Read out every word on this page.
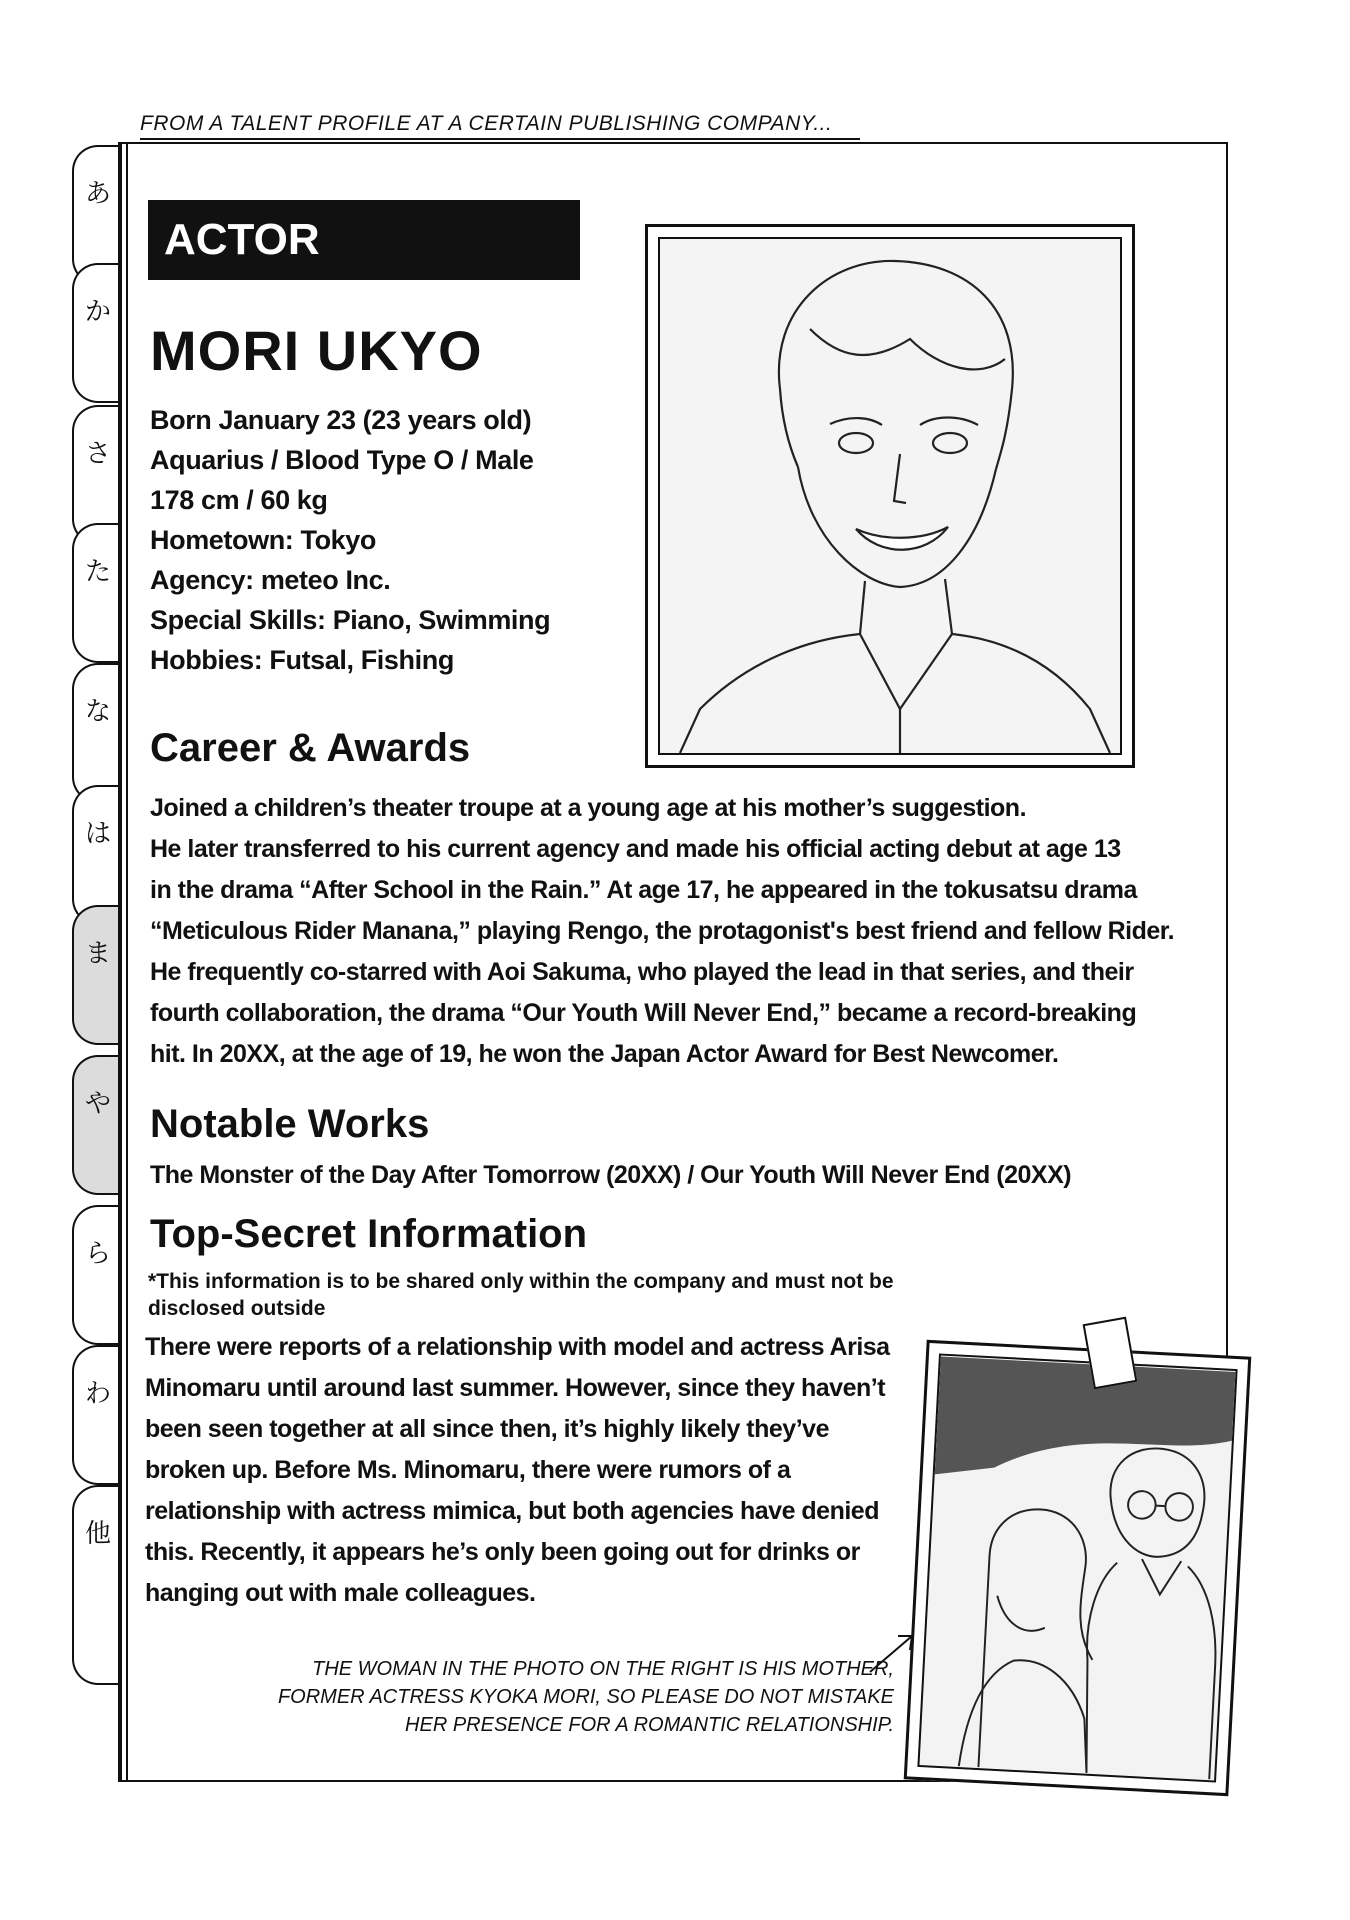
FROM A TALENT PROFILE AT A CERTAIN PUBLISHING COMPANY...
あ
か
さ
た
な
は
ま
や
ら
わ
他
ACTOR
MORI UKYO
Born January 23 (23 years old)
Aquarius / Blood Type O / Male
178 cm / 60 kg
Hometown: Tokyo
Agency: meteo Inc.
Special Skills: Piano, Swimming
Hobbies: Futsal, Fishing
Career & Awards
Joined a children’s theater troupe at a young age at his mother’s suggestion.
He later transferred to his current agency and made his official acting debut at age 13
in the drama “After School in the Rain.” At age 17, he appeared in the tokusatsu drama
“Meticulous Rider Manana,” playing Rengo, the protagonist's best friend and fellow Rider.
He frequently co-starred with Aoi Sakuma, who played the lead in that series, and their
fourth collaboration, the drama “Our Youth Will Never End,” became a record-breaking
hit. In 20XX, at the age of 19, he won the Japan Actor Award for Best Newcomer.
Notable Works
The Monster of the Day After Tomorrow (20XX) / Our Youth Will Never End (20XX)
Top-Secret Information
*This information is to be shared only within the company and must not be
disclosed outside
There were reports of a relationship with model and actress Arisa
Minomaru until around last summer. However, since they haven’t
been seen together at all since then, it’s highly likely they’ve
broken up. Before Ms. Minomaru, there were rumors of a
relationship with actress mimica, but both agencies have denied
this. Recently, it appears he’s only been going out for drinks or
hanging out with male colleagues.
THE WOMAN IN THE PHOTO ON THE RIGHT IS HIS MOTHER,
FORMER ACTRESS KYOKA MORI, SO PLEASE DO NOT MISTAKE
HER PRESENCE FOR A ROMANTIC RELATIONSHIP.
